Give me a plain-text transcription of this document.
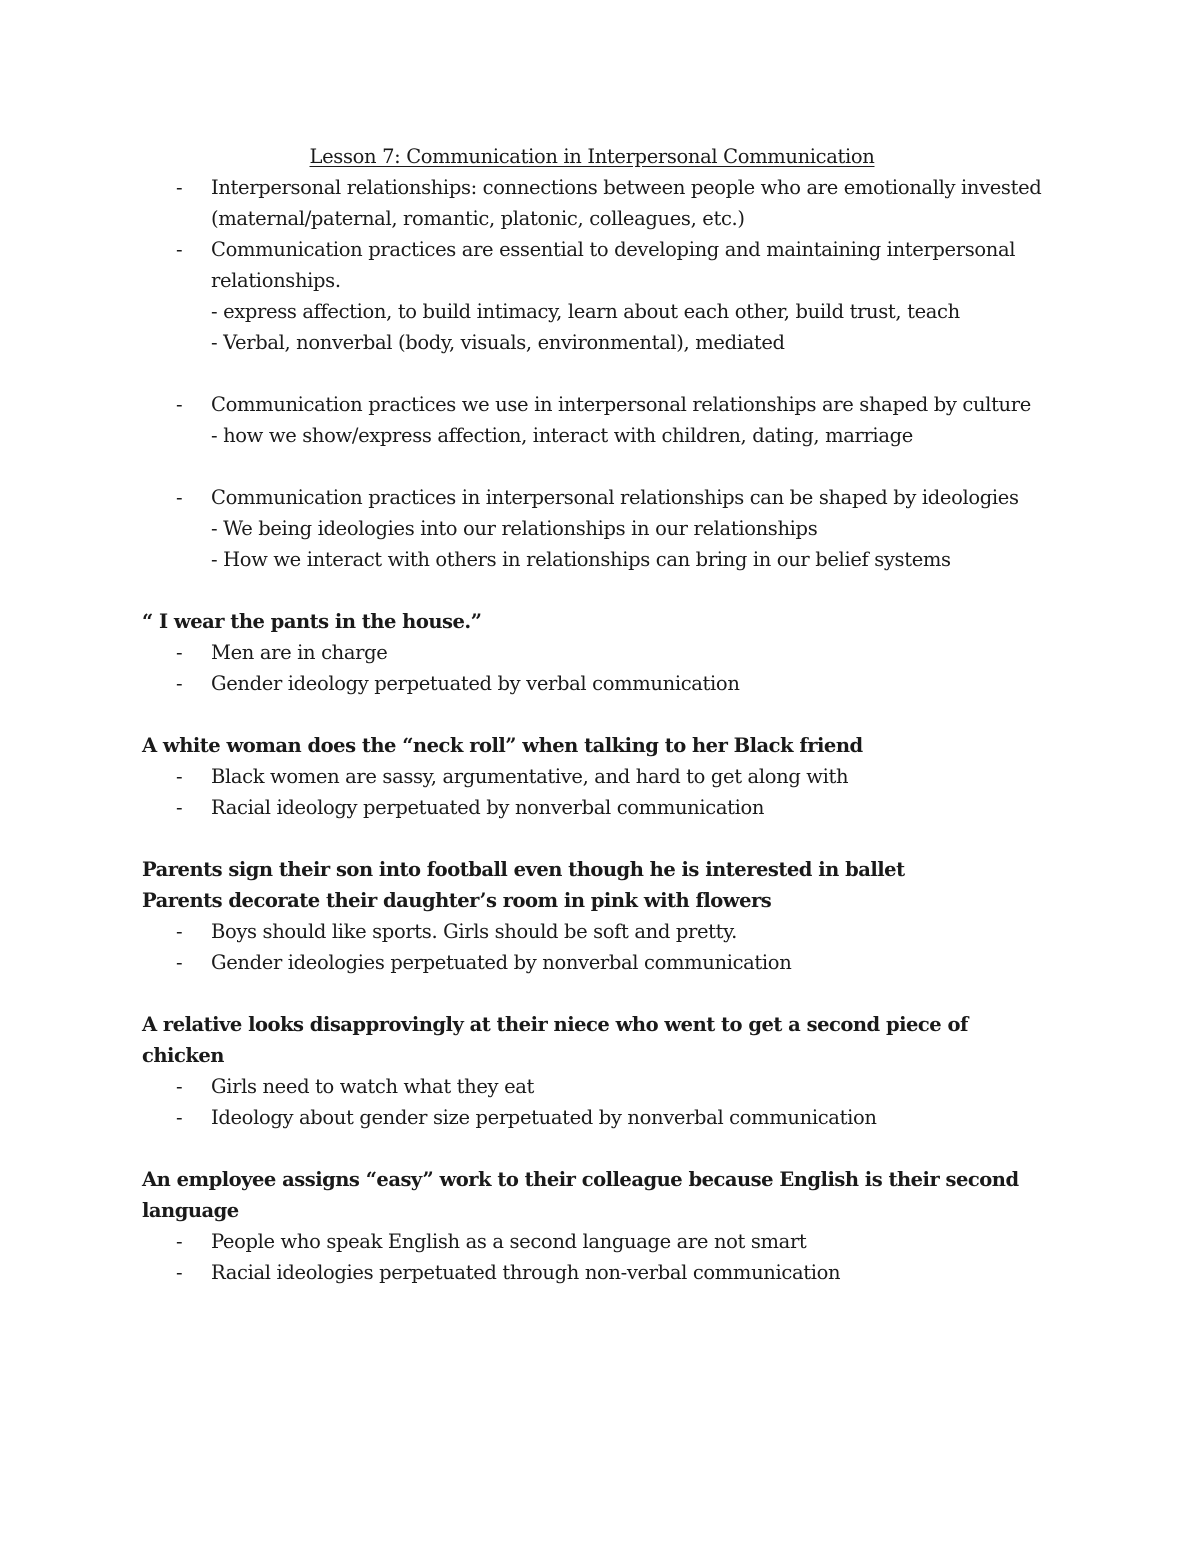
Lesson 7: Communication in Interpersonal Communication
- Interpersonal relationships: connections between people who are emotionally invested (maternal/paternal, romantic, platonic, colleagues, etc.)
- Communication practices are essential to developing and maintaining interpersonal relationships.
- express affection, to build intimacy, learn about each other, build trust, teach
- Verbal, nonverbal (body, visuals, environmental), mediated
- Communication practices we use in interpersonal relationships are shaped by culture
- how we show/express affection, interact with children, dating, marriage
- Communication practices in interpersonal relationships can be shaped by ideologies
- We being ideologies into our relationships in our relationships
- How we interact with others in relationships can bring in our belief systems

“ I wear the pants in the house.”

- Men are in charge
- Gender ideology perpetuated by verbal communication

A white woman does the “neck roll” when talking to her Black friend

- Black women are sassy, argumentative, and hard to get along with
- Racial ideology perpetuated by nonverbal communication

Parents sign their son into football even though he is interested in ballet

Parents decorate their daughter’s room in pink with flowers

- Boys should like sports. Girls should be soft and pretty.
- Gender ideologies perpetuated by nonverbal communication

A relative looks disapprovingly at their niece who went to get a second piece of chicken

- Girls need to watch what they eat
- Ideology about gender size perpetuated by nonverbal communication

An employee assigns “easy” work to their colleague because English is their second language

- People who speak English as a second language are not smart
- Racial ideologies perpetuated through non-verbal communication
